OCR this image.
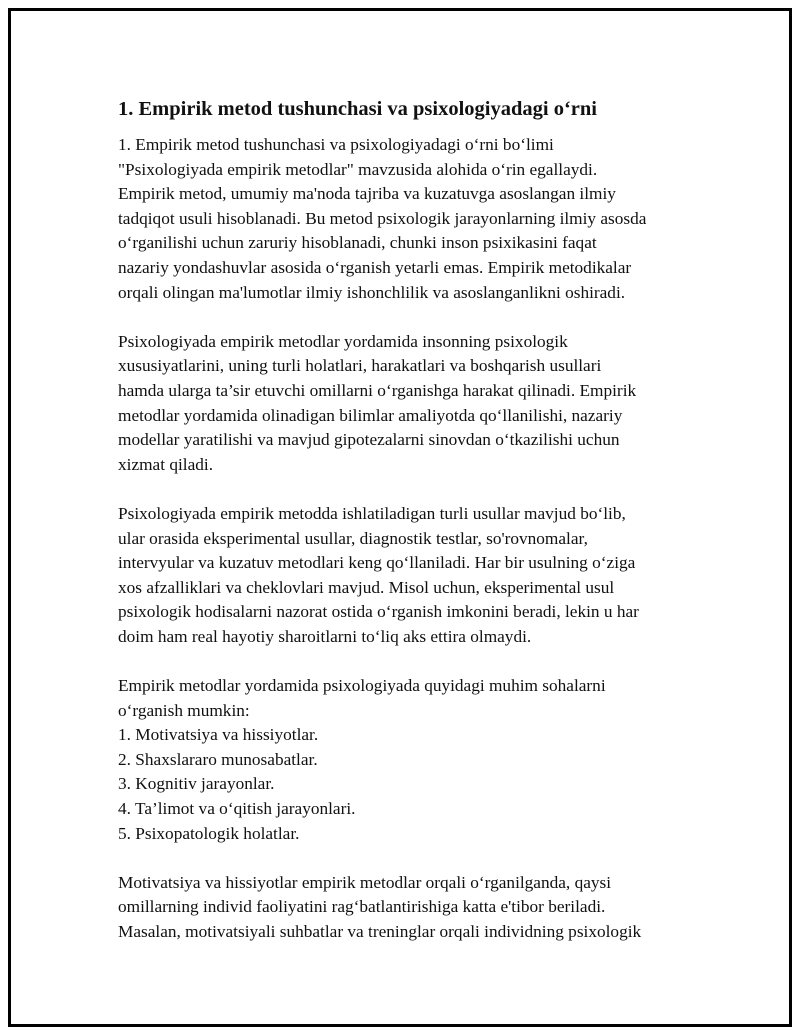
1. Empirik metod tushunchasi va psixologiyadagi o‘rni

1. Empirik metod tushunchasi va psixologiyadagi o‘rni bo‘limi
"Psixologiyada empirik metodlar" mavzusida alohida o‘rin egallaydi.
Empirik metod, umumiy ma'noda tajriba va kuzatuvga asoslangan ilmiy
tadqiqot usuli hisoblanadi. Bu metod psixologik jarayonlarning ilmiy asosda
o‘rganilishi uchun zaruriy hisoblanadi, chunki inson psixikasini faqat
nazariy yondashuvlar asosida o‘rganish yetarli emas. Empirik metodikalar
orqali olingan ma'lumotlar ilmiy ishonchlilik va asoslanganlikni oshiradi.

Psixologiyada empirik metodlar yordamida insonning psixologik
xususiyatlarini, uning turli holatlari, harakatlari va boshqarish usullari
hamda ularga ta’sir etuvchi omillarni o‘rganishga harakat qilinadi. Empirik
metodlar yordamida olinadigan bilimlar amaliyotda qo‘llanilishi, nazariy
modellar yaratilishi va mavjud gipotezalarni sinovdan o‘tkazilishi uchun
xizmat qiladi.

Psixologiyada empirik metodda ishlatiladigan turli usullar mavjud bo‘lib,
ular orasida eksperimental usullar, diagnostik testlar, so'rovnomalar,
intervyular va kuzatuv metodlari keng qo‘llaniladi. Har bir usulning o‘ziga
xos afzalliklari va cheklovlari mavjud. Misol uchun, eksperimental usul
psixologik hodisalarni nazorat ostida o‘rganish imkonini beradi, lekin u har
doim ham real hayotiy sharoitlarni to‘liq aks ettira olmaydi.

Empirik metodlar yordamida psixologiyada quyidagi muhim sohalarni
o‘rganish mumkin:
1. Motivatsiya va hissiyotlar.
2. Shaxslararo munosabatlar.
3. Kognitiv jarayonlar.
4. Ta’limot va o‘qitish jarayonlari.
5. Psixopatologik holatlar.

Motivatsiya va hissiyotlar empirik metodlar orqali o‘rganilganda, qaysi
omillarning individ faoliyatini rag‘batlantirishiga katta e'tibor beriladi.
Masalan, motivatsiyali suhbatlar va treninglar orqali individning psixologik
